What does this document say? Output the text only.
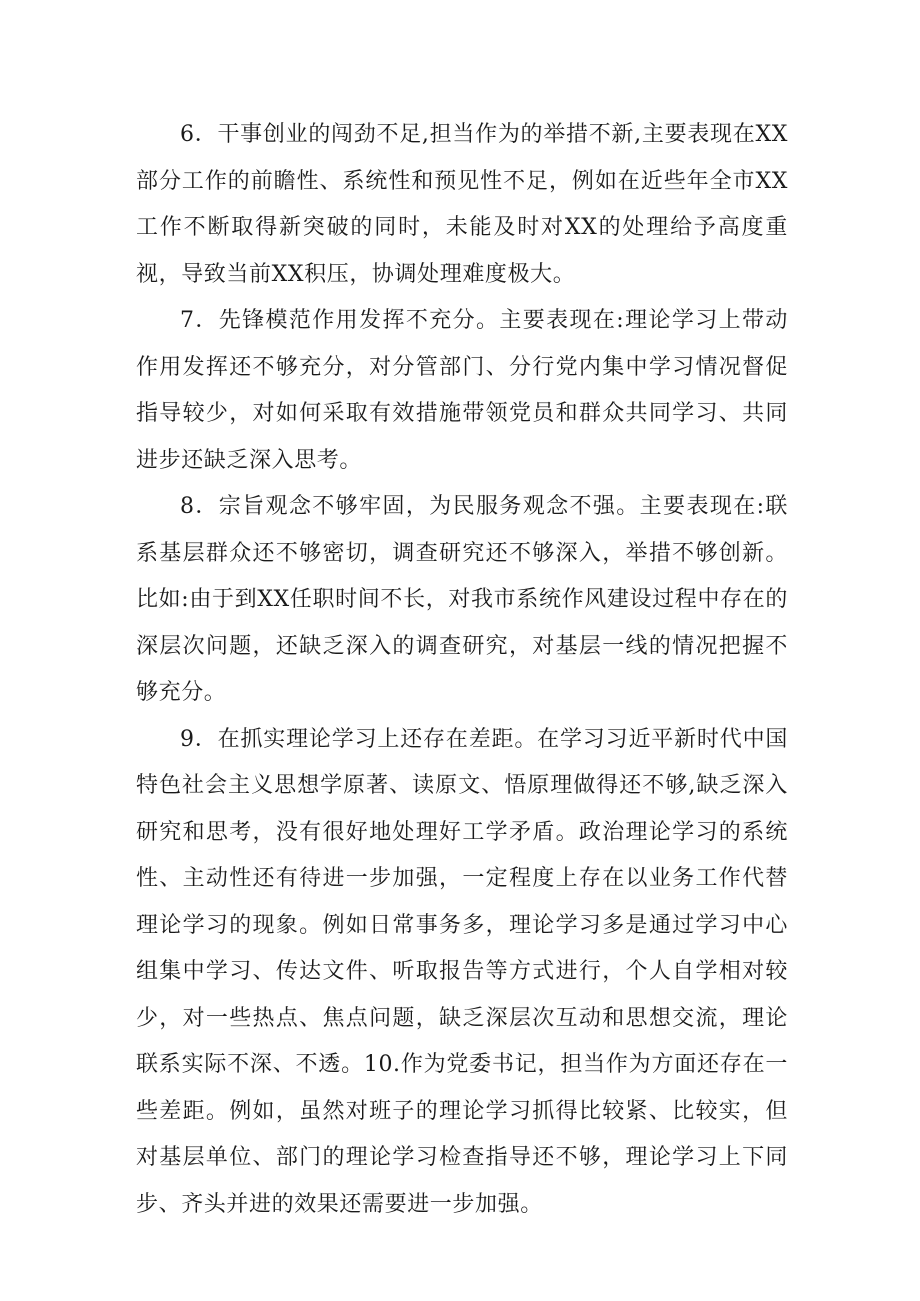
6．干事创业的闯劲不足,担当作为的举措不新,主要表现在XX部分工作的前瞻性、系统性和预见性不足，例如在近些年全市XX工作不断取得新突破的同时，未能及时对XX的处理给予高度重视，导致当前XX积压，协调处理难度极大。

7．先锋模范作用发挥不充分。主要表现在:理论学习上带动作用发挥还不够充分，对分管部门、分行党内集中学习情况督促指导较少，对如何采取有效措施带领党员和群众共同学习、共同进步还缺乏深入思考。

8．宗旨观念不够牢固，为民服务观念不强。主要表现在:联系基层群众还不够密切，调查研究还不够深入，举措不够创新。比如:由于到XX任职时间不长，对我市系统作风建设过程中存在的深层次问题，还缺乏深入的调查研究，对基层一线的情况把握不够充分。

9．在抓实理论学习上还存在差距。在学习习近平新时代中国特色社会主义思想学原著、读原文、悟原理做得还不够,缺乏深入研究和思考，没有很好地处理好工学矛盾。政治理论学习的系统性、主动性还有待进一步加强，一定程度上存在以业务工作代替理论学习的现象。例如日常事务多，理论学习多是通过学习中心组集中学习、传达文件、听取报告等方式进行，个人自学相对较少，对一些热点、焦点问题，缺乏深层次互动和思想交流，理论联系实际不深、不透。10.作为党委书记，担当作为方面还存在一些差距。例如，虽然对班子的理论学习抓得比较紧、比较实，但对基层单位、部门的理论学习检查指导还不够，理论学习上下同步、齐头并进的效果还需要进一步加强。
